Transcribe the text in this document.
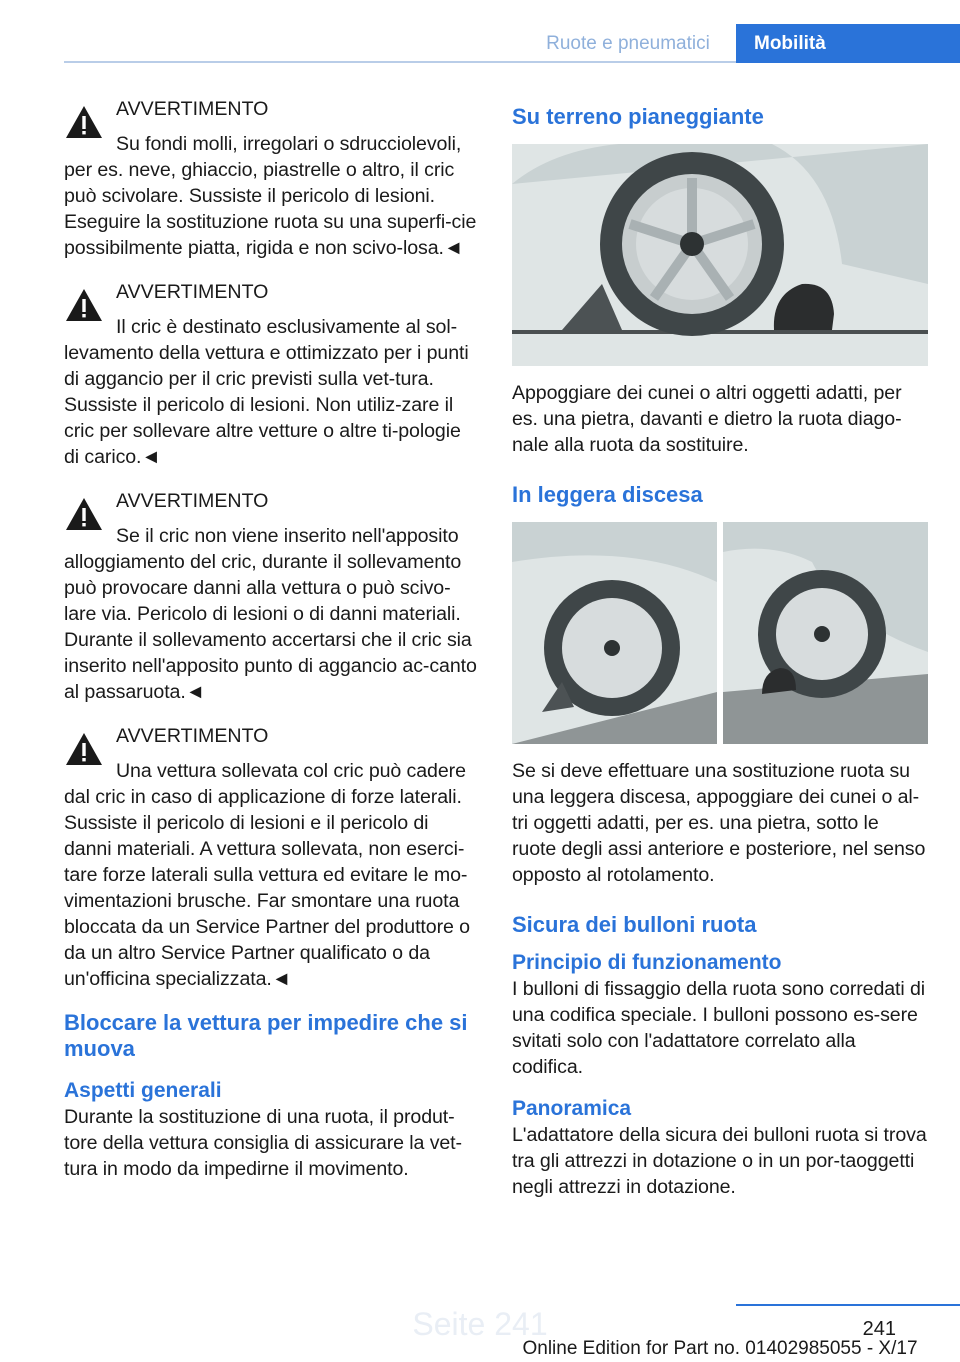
Ruote e pneumatici	Mobilità
AVVERTIMENTO

Su fondi molli, irregolari o sdrucciolevoli,

per es. neve, ghiaccio, piastrelle o altro, il cric può scivolare. Sussiste il pericolo di lesioni. Eseguire la sostituzione ruota su una superfi‐cie possibilmente piatta, rigida e non scivo‐losa.◄

AVVERTIMENTO

Il cric è destinato esclusivamente al sol‐

levamento della vettura e ottimizzato per i punti di aggancio per il cric previsti sulla vet‐tura. Sussiste il pericolo di lesioni. Non utiliz‐zare il cric per sollevare altre vetture o altre ti‐pologie di carico.◄

AVVERTIMENTO

Se il cric non viene inserito nell'apposito

alloggiamento del cric, durante il sollevamento può provocare danni alla vettura o può scivo‐lare via. Pericolo di lesioni o di danni materiali. Durante il sollevamento accertarsi che il cric sia inserito nell'apposito punto di aggancio ac‐canto al passaruota.◄

AVVERTIMENTO

Una vettura sollevata col cric può cadere

dal cric in caso di applicazione di forze laterali. Sussiste il pericolo di lesioni e il pericolo di danni materiali. A vettura sollevata, non eserci‐tare forze laterali sulla vettura ed evitare le mo‐vimentazioni brusche. Far smontare una ruota bloccata da un Service Partner del produttore o da un altro Service Partner qualificato o da un'officina specializzata.◄

Bloccare la vettura per impedire che si muova
Aspetti generali

Durante la sostituzione di una ruota, il produt‐tore della vettura consiglia di assicurare la vet‐tura in modo da impedirne il movimento.

Su terreno pianeggiante

Appoggiare dei cunei o altri oggetti adatti, per es. una pietra, davanti e dietro la ruota diago‐nale alla ruota da sostituire.

In leggera discesa

Se si deve effettuare una sostituzione ruota su una leggera discesa, appoggiare dei cunei o al‐tri oggetti adatti, per es. una pietra, sotto le ruote degli assi anteriore e posteriore, nel senso opposto al rotolamento.

Sicura dei bulloni ruota
Principio di funzionamento

I bulloni di fissaggio della ruota sono corredati di una codifica speciale. I bulloni possono es‐sere svitati solo con l'adattatore correlato alla codifica.

Panoramica

L'adattatore della sicura dei bulloni ruota si trova tra gli attrezzi in dotazione o in un por‐taoggetti negli attrezzi in dotazione.

241
Seite 241
Online Edition for Part no. 01402985055 - X/17
